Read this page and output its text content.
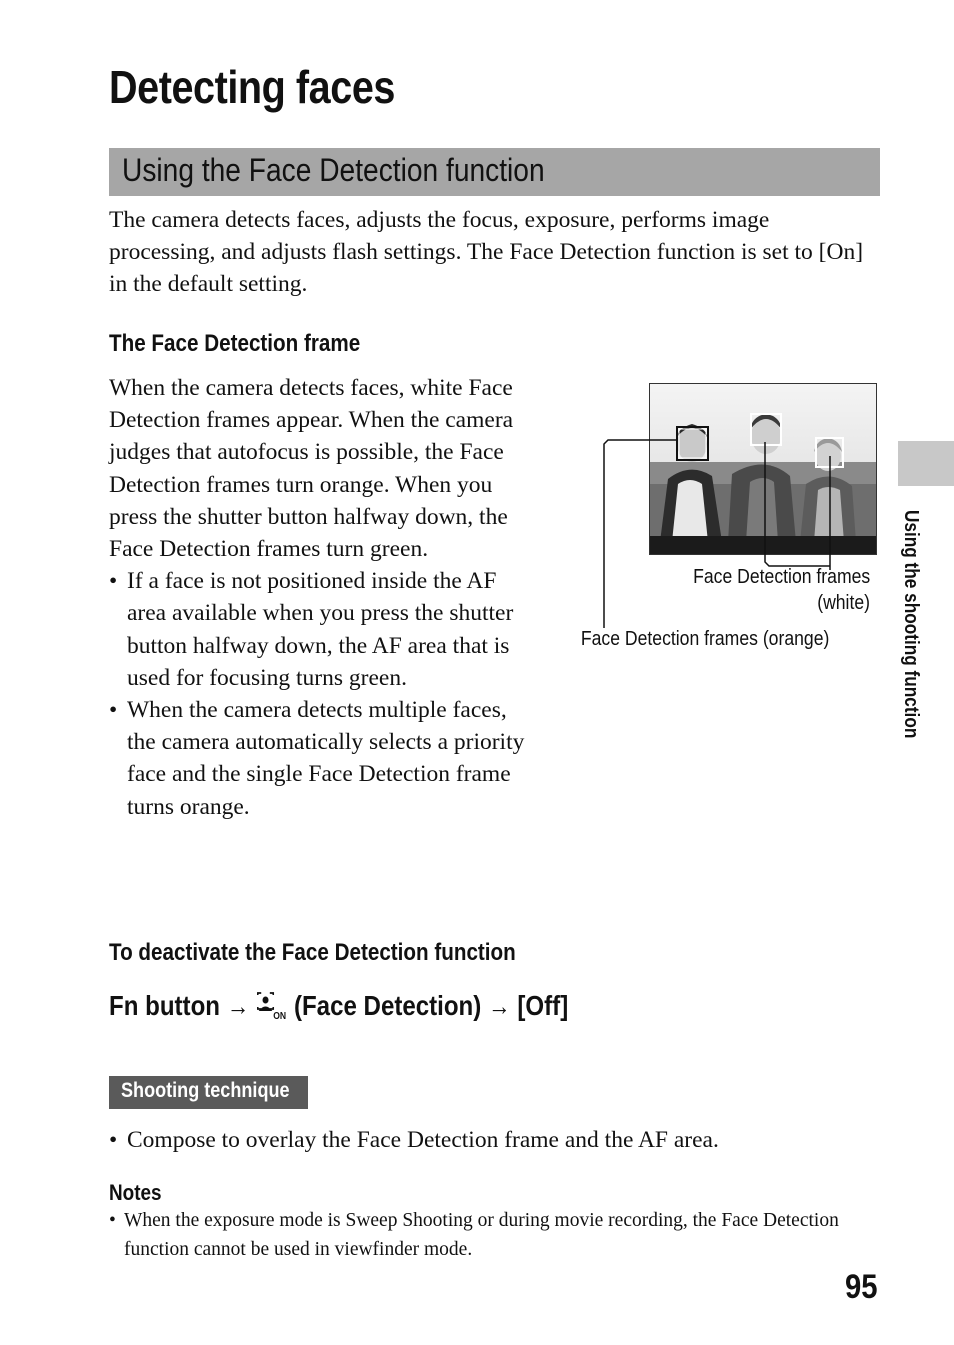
Detecting faces
Using the Face Detection function
The camera detects faces, adjusts the focus, exposure, performs image processing, and adjusts flash settings. The Face Detection function is set to [On] in the default setting.
The Face Detection frame

When the camera detects faces, white Face Detection frames appear. When the camera judges that autofocus is possible, the Face Detection frames turn orange. When you press the shutter button halfway down, the Face Detection frames turn green.

• If a face is not positioned inside the AF area available when you press the shutter button halfway down, the AF area that is used for focusing turns green.
• When the camera detects multiple faces, the camera automatically selects a priority face and the single Face Detection frame turns orange.
Face Detection frames
(white)
Face Detection frames (orange)
To deactivate the Face Detection function
Fn button → ON (Face Detection) → [Off]
Shooting technique
• Compose to overlay the Face Detection frame and the AF area.
Notes
• When the exposure mode is Sweep Shooting or during movie recording, the Face Detection function cannot be used in viewfinder mode.
Using the shooting function
95
